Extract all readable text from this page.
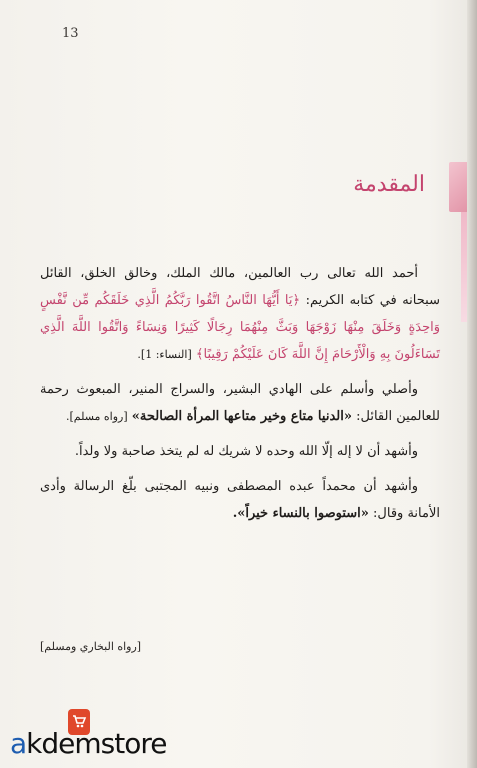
13
المقدمة

أحمد الله تعالى رب العالمين، مالك الملك، وخالق الخلق، القائل سبحانه في كتابه الكريم: ﴿يَا أَيُّهَا النَّاسُ اتَّقُوا رَبَّكُمُ الَّذِي خَلَقَكُم مِّن نَّفْسٍ وَاحِدَةٍ وَخَلَقَ مِنْهَا زَوْجَهَا وَبَثَّ مِنْهُمَا رِجَالًا كَثِيرًا وَنِسَاءً وَاتَّقُوا اللَّهَ الَّذِي تَسَاءَلُونَ بِهِ وَالْأَرْحَامَ إِنَّ اللَّهَ كَانَ عَلَيْكُمْ رَقِيبًا﴾ [النساء: 1].

وأصلي وأسلم على الهادي البشير، والسراج المنير، المبعوث رحمة للعالمين القائل: «الدنيا متاع وخير متاعها المرأة الصالحة» [رواه مسلم].

وأشهد أن لا إله إلّا الله وحده لا شريك له لم يتخذ صاحبة ولا ولداً.

وأشهد أن محمداً عبده المصطفى ونبيه المجتبى بلّغ الرسالة وأدى الأمانة وقال: «استوصوا بالنساء خيراً».

[رواه البخاري ومسلم]
akdemstore
